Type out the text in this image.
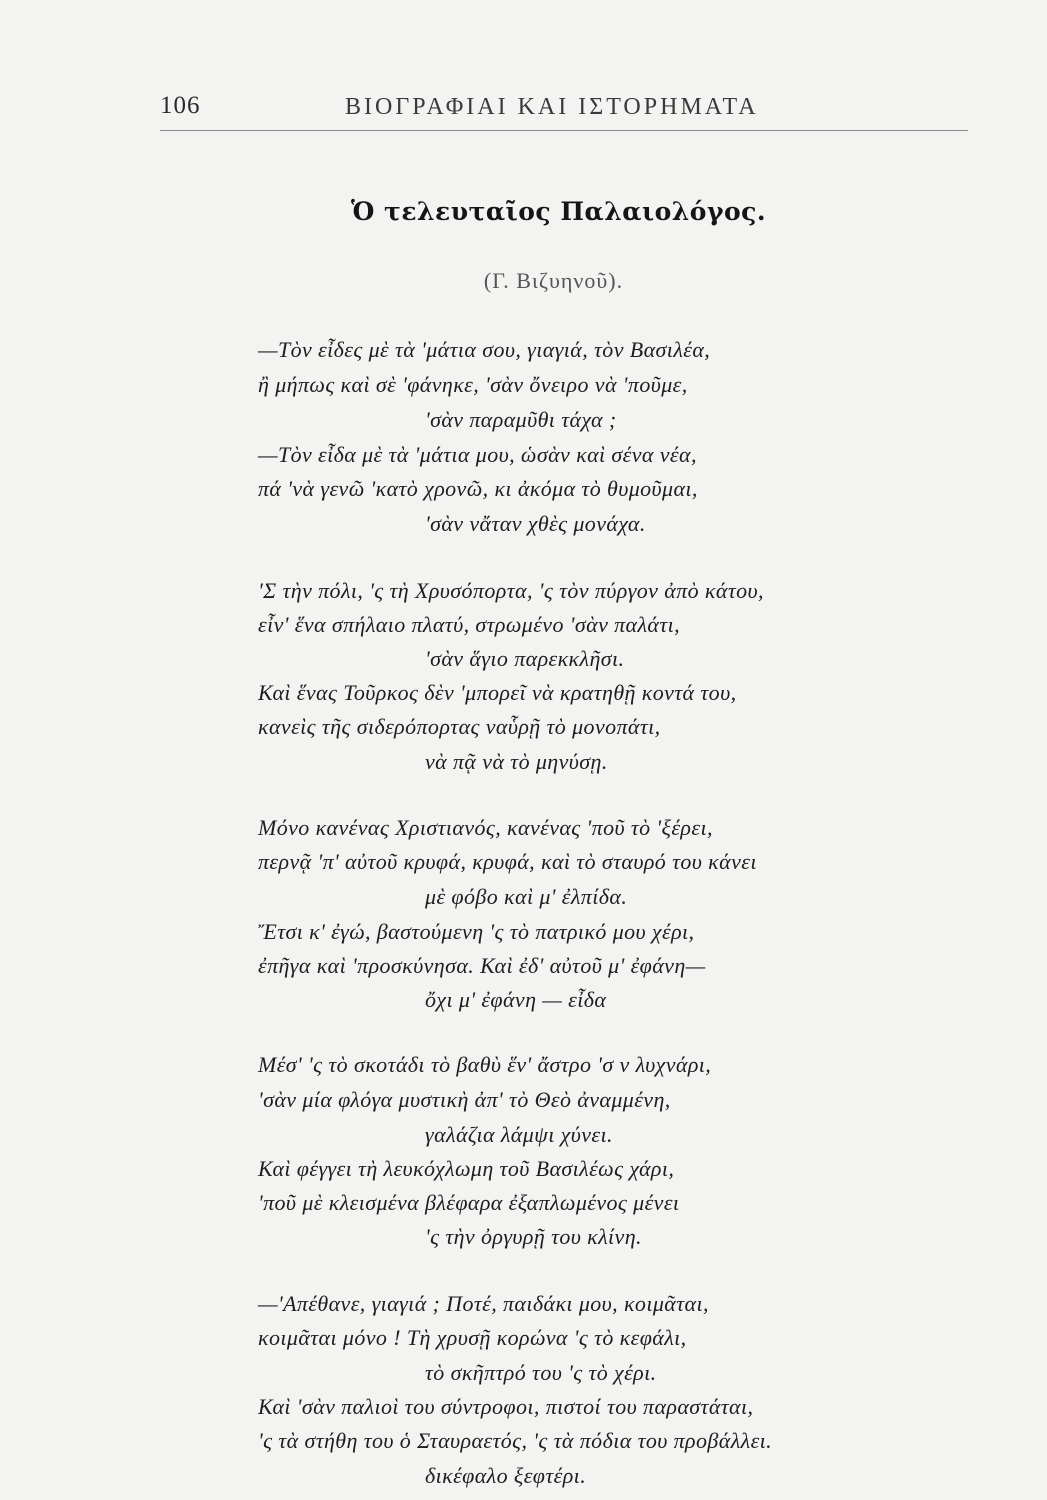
106	ΒΙΟΓΡΑΦΙΑΙ ΚΑΙ ΙΣΤΟΡΗΜΑΤΑ
Ὁ τελευταῖος Παλαιολόγος.
(Γ. Βιζυηνοῦ).
—Τὸν εἶδες μὲ τὰ 'μάτια σου, γιαγιά, τὸν Βασιλέα,
ἢ μήπως καὶ σὲ 'φάνηκε, 'σὰν ὄνειρο νὰ 'ποῦμε,
'σὰν παραμῦθι τάχα ;
—Τὸν εἶδα μὲ τὰ 'μάτια μου, ὡσὰν καὶ σένα νέα,
πά 'νὰ γενῶ 'κατὸ χρονῶ, κι ἀκόμα τὸ θυμοῦμαι,
'σὰν νἄταν χθὲς μονάχα.
'Σ τὴν πόλι, 'ς τὴ Χρυσόπορτα, 'ς τὸν πύργον ἀπὸ κάτου,
εἶν' ἕνα σπήλαιο πλατύ, στρωμένο 'σὰν παλάτι,
'σὰν ἅγιο παρεκκλῆσι.
Καὶ ἕνας Τοῦρκος δὲν 'μπορεῖ νὰ κρατηθῇ κοντά του,
κανεὶς τῆς σιδερόπορτας ναὗρῇ τὸ μονοπάτι,
νὰ πᾷ νὰ τὸ μηνύσῃ.
Μόνο κανένας Χριστιανός, κανένας 'ποῦ τὸ 'ξέρει,
περνᾷ 'π' αὐτοῦ κρυφά, κρυφά, καὶ τὸ σταυρό του κάνει
μὲ φόβο καὶ μ' ἐλπίδα.
Ἔτσι κ' ἐγώ, βαστούμενη 'ς τὸ πατρικό μου χέρι,
ἐπῆγα καὶ 'προσκύνησα. Καὶ ἐδ' αὐτοῦ μ' ἐφάνη—
ὄχι μ' ἐφάνη — εἶδα
Μέσ' 'ς τὸ σκοτάδι τὸ βαθὺ ἕν' ἄστρο 'σ ν λυχνάρι,
'σὰν μία φλόγα μυστικὴ ἀπ' τὸ Θεὸ ἀναμμένη,
γαλάζια λάμψι χύνει.
Καὶ φέγγει τὴ λευκόχλωμη τοῦ Βασιλέως χάρι,
'ποῦ μὲ κλεισμένα βλέφαρα ἐξαπλωμένος μένει
'ς τὴν ὀργυρῇ του κλίνη.
—'Απέθανε, γιαγιά ; Ποτέ, παιδάκι μου, κοιμᾶται,
κοιμᾶται μόνο ! Τὴ χρυσῇ κορώνα 'ς τὸ κεφάλι,
τὸ σκῆπτρό του 'ς τὸ χέρι.
Καὶ 'σὰν παλιοὶ του σύντροφοι, πιστοί του παραστάται,
'ς τὰ στήθη του ὁ Σταυραετός, 'ς τὰ πόδια του προβάλλει.
δικέφαλο ξεφτέρι.
